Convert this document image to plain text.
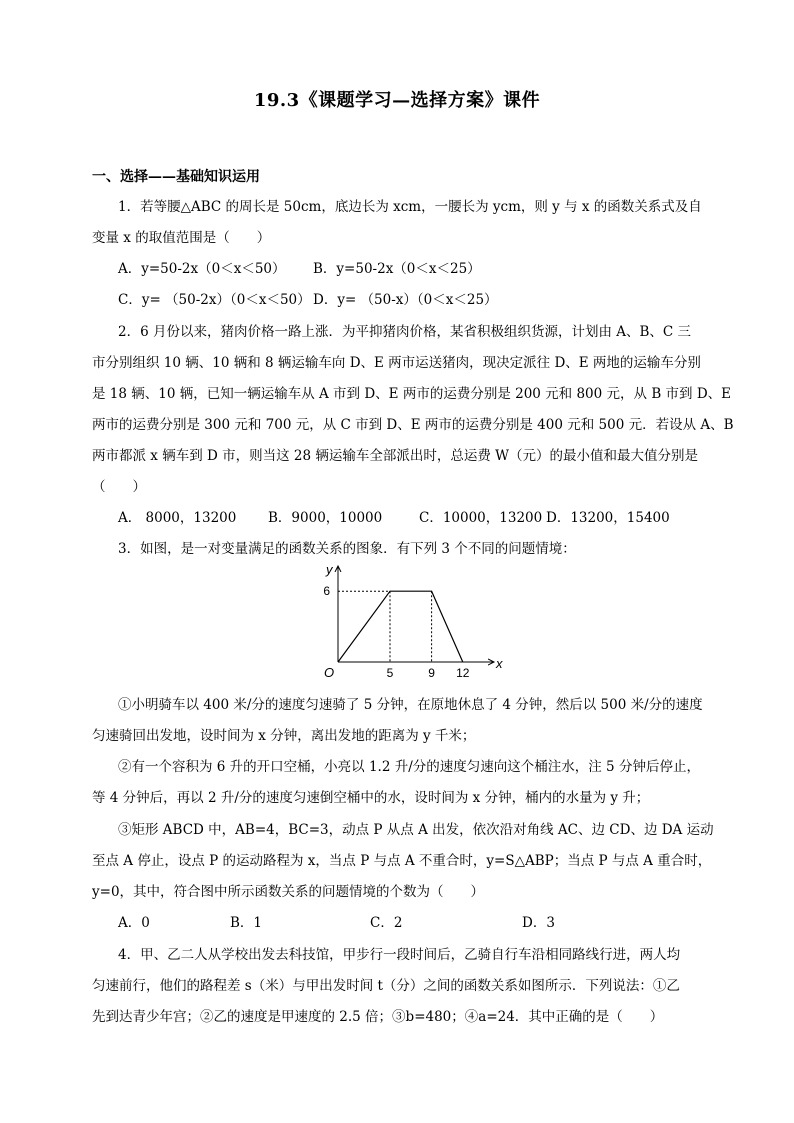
19.3《课题学习—选择方案》课件
一、选择——基础知识运用
1．若等腰△ABC 的周长是 50cm，底边长为 xcm，一腰长为 ycm，则 y 与 x 的函数关系式及自
变量 x 的取值范围是（　　）
A．y=50-2x（0＜x＜50） B．y=50-2x（0＜x＜25）
C．y= （50-2x）（0＜x＜50） D．y= （50-x）（0＜x＜25）
2．6 月份以来，猪肉价格一路上涨．为平抑猪肉价格，某省积极组织货源，计划由 A、B、C 三
市分别组织 10 辆、10 辆和 8 辆运输车向 D、E 两市运送猪肉，现决定派往 D、E 两地的运输车分别
是 18 辆、10 辆，已知一辆运输车从 A 市到 D、E 两市的运费分别是 200 元和 800 元，从 B 市到 D、E
两市的运费分别是 300 元和 700 元，从 C 市到 D、E 两市的运费分别是 400 元和 500 元．若设从 A、B
两市都派 x 辆车到 D 市，则当这 28 辆运输车全部派出时，总运费 W（元）的最小值和最大值分别是
（　　）
A． 8000，13200 B．9000，10000	C．10000，13200 D．13200，15400
3．如图，是一对变量满足的函数关系的图象．有下列 3 个不同的问题情境：
5	9 12
6
O
x
y
①小明骑车以 400 米/分的速度匀速骑了 5 分钟，在原地休息了 4 分钟，然后以 500 米/分的速度
匀速骑回出发地，设时间为 x 分钟，离出发地的距离为 y 千米；
②有一个容积为 6 升的开口空桶，小亮以 1.2 升/分的速度匀速向这个桶注水，注 5 分钟后停止，
等 4 分钟后，再以 2 升/分的速度匀速倒空桶中的水，设时间为 x 分钟，桶内的水量为 y 升；
③矩形 ABCD 中，AB=4，BC=3，动点 P 从点 A 出发，依次沿对角线 AC、边 CD、边 DA 运动
至点 A 停止，设点 P 的运动路程为 x，当点 P 与点 A 不重合时，y=S△ABP；当点 P 与点 A 重合时，
y=0，其中，符合图中所示函数关系的问题情境的个数为（　　）
A．0	B．1	C．2	D．3
4．甲、乙二人从学校出发去科技馆，甲步行一段时间后，乙骑自行车沿相同路线行进，两人均
匀速前行，他们的路程差 s（米）与甲出发时间 t（分）之间的函数关系如图所示．下列说法：①乙
先到达青少年宫；②乙的速度是甲速度的 2.5 倍；③b=480；④a=24．其中正确的是（　　）
